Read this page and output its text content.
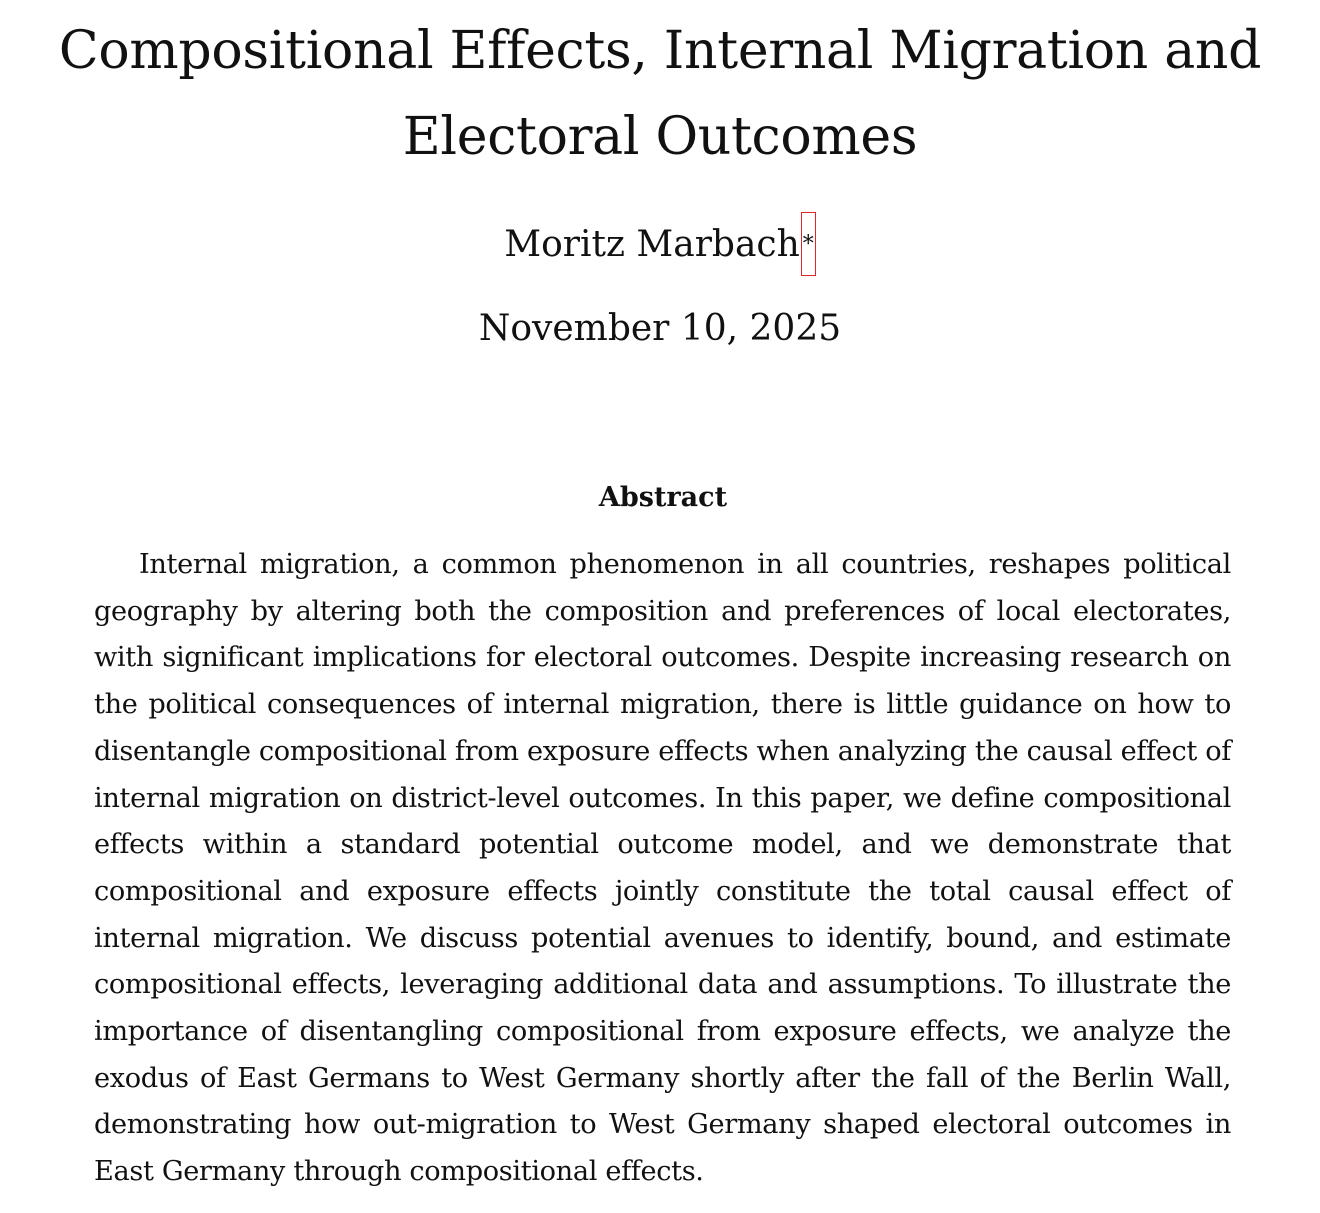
Compositional Effects, Internal Migration and Electoral Outcomes
Moritz Marbach *
November 10, 2025
Abstract

Internal migration, a common phenomenon in all countries, reshapes political geography by altering both the composition and preferences of local electorates, with significant implications for electoral outcomes. Despite increasing research on the political consequences of internal migration, there is little guidance on how to disentangle compositional from exposure effects when analyzing the causal effect of internal migration on district-level outcomes. In this paper, we define compositional effects within a standard potential outcome model, and we demonstrate that compositional and exposure effects jointly constitute the total causal effect of internal migration. We discuss potential avenues to identify, bound, and estimate compositional effects, leveraging additional data and assumptions. To illustrate the importance of disentangling compositional from exposure effects, we analyze the exodus of East Germans to West Germany shortly after the fall of the Berlin Wall, demonstrating how out-migration to West Germany shaped electoral outcomes in East Germany through compositional effects.
